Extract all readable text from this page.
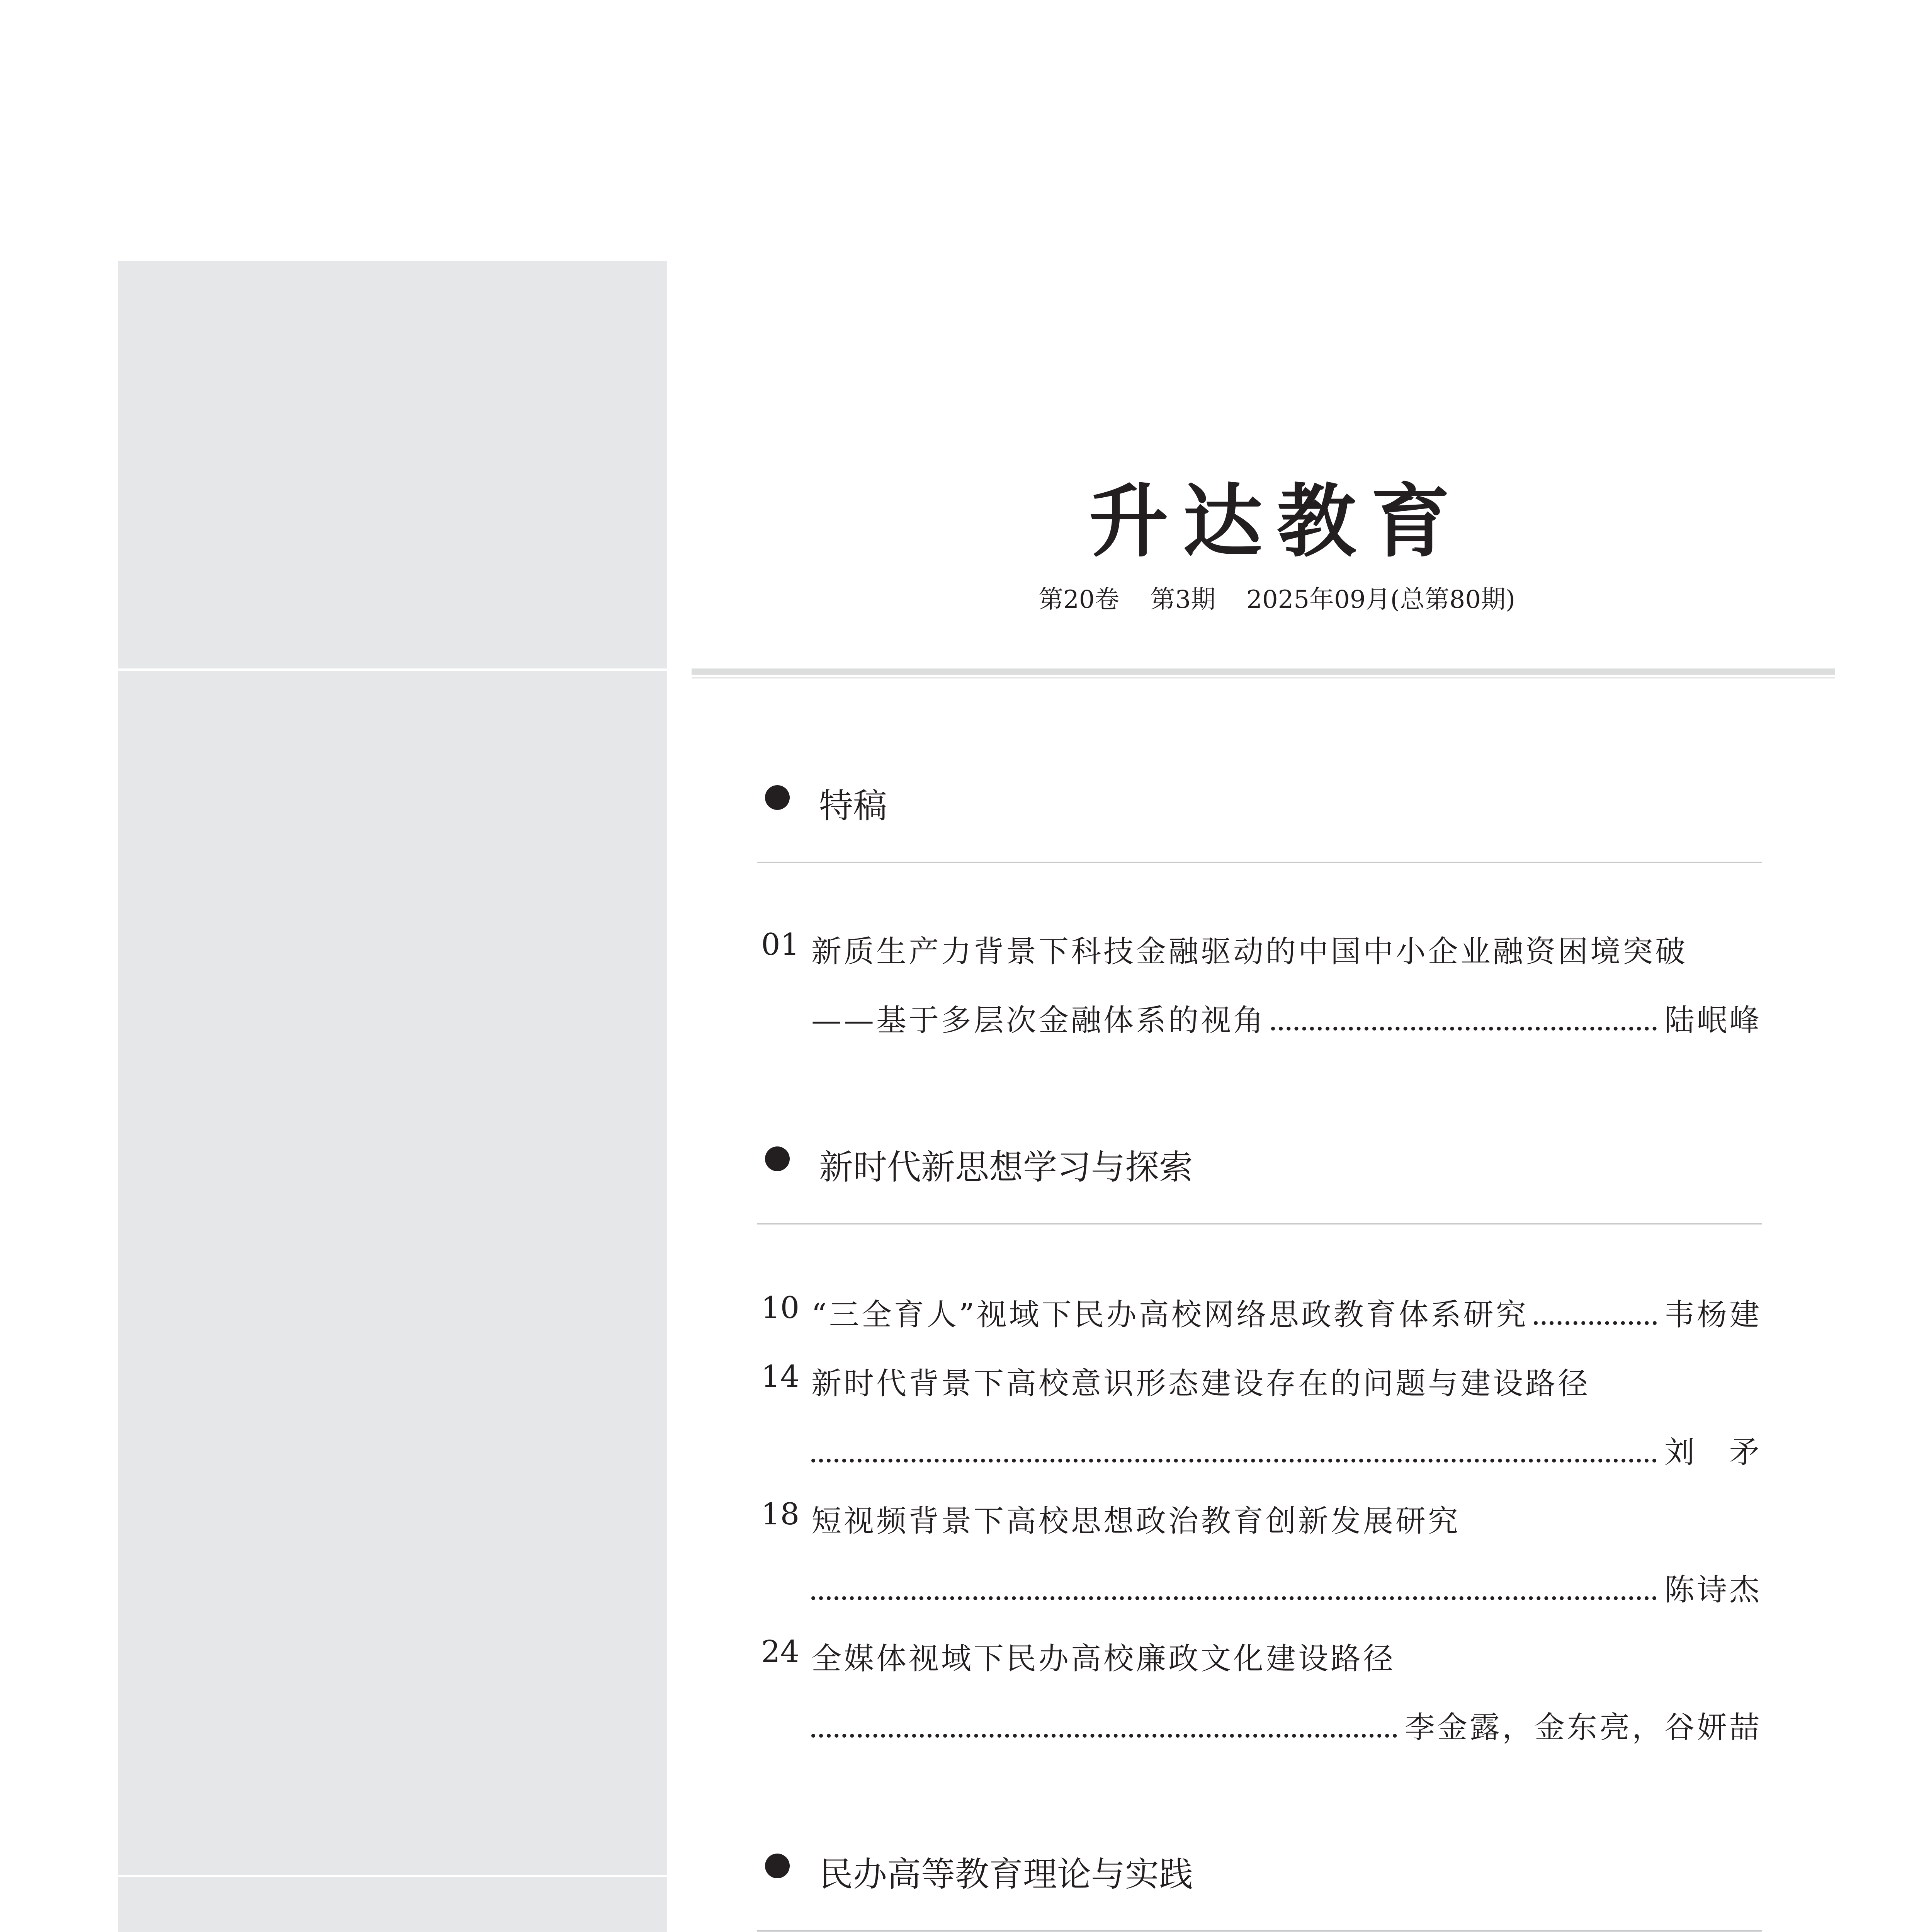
升达教育
第20卷 第3期 2025年09月(总第80期)
特稿
01 新质生产力背景下科技金融驱动的中国中小企业融资困境突破
——基于多层次金融体系的视角	陆岷峰
新时代新思想学习与探索
10 “三全育人”视域下民办高校网络思政教育体系研究	韦杨建
14 新时代背景下高校意识形态建设存在的问题与建设路径
刘　矛
18 短视频背景下高校思想政治教育创新发展研究
陈诗杰
24 全媒体视域下民办高校廉政文化建设路径
李金露，金东亮，谷妍喆
民办高等教育理论与实践
